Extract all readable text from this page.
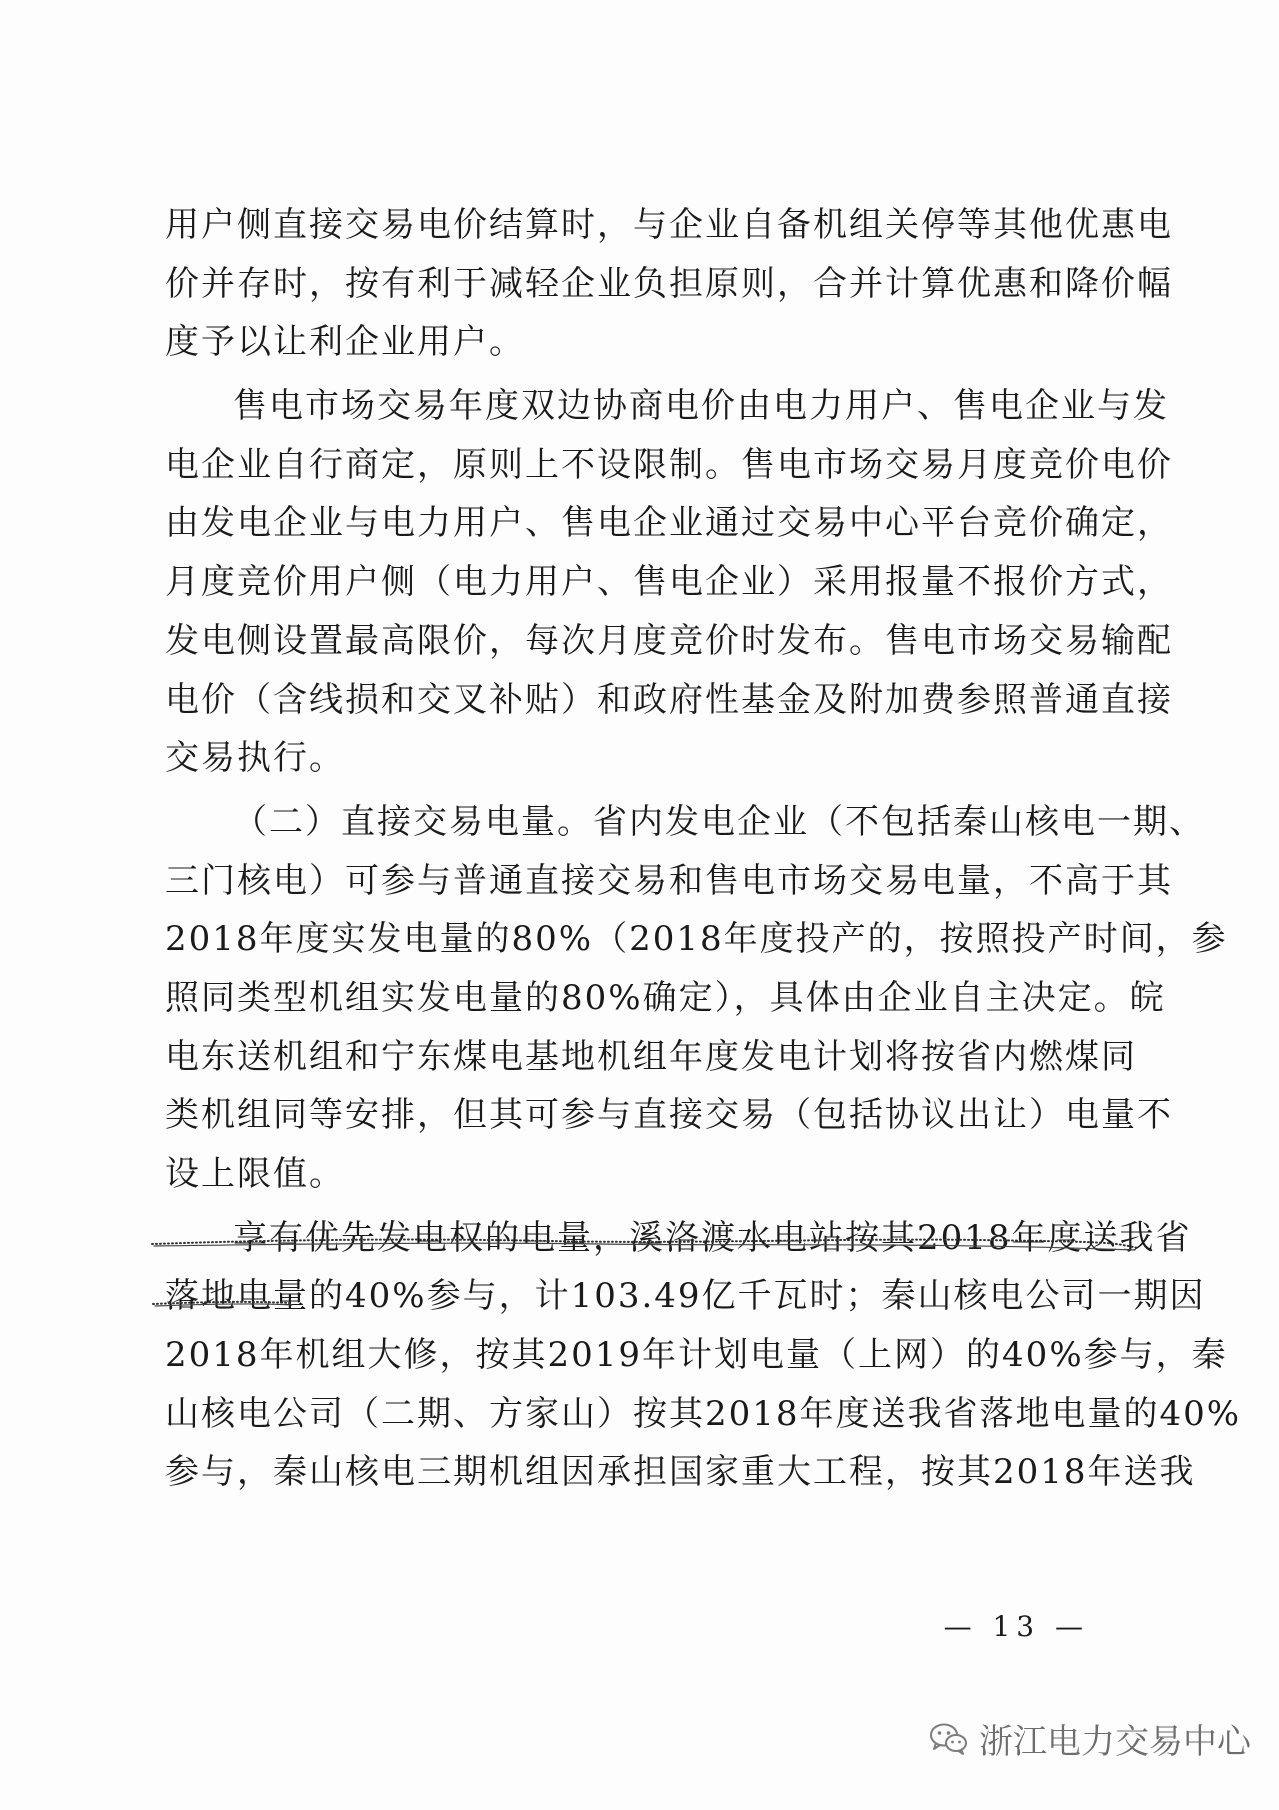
用户侧直接交易电价结算时，与企业自备机组关停等其他优惠电
价并存时，按有利于减轻企业负担原则，合并计算优惠和降价幅
度予以让利企业用户。
售电市场交易年度双边协商电价由电力用户、售电企业与发
电企业自行商定，原则上不设限制。售电市场交易月度竞价电价
由发电企业与电力用户、售电企业通过交易中心平台竞价确定，
月度竞价用户侧（电力用户、售电企业）采用报量不报价方式，
发电侧设置最高限价，每次月度竞价时发布。售电市场交易输配
电价（含线损和交叉补贴）和政府性基金及附加费参照普通直接
交易执行。
（二）直接交易电量。省内发电企业（不包括秦山核电一期、
三门核电）可参与普通直接交易和售电市场交易电量，不高于其
2018年度实发电量的80%（2018年度投产的，按照投产时间，参
照同类型机组实发电量的80%确定），具体由企业自主决定。皖
电东送机组和宁东煤电基地机组年度发电计划将按省内燃煤同
类机组同等安排，但其可参与直接交易（包括协议出让）电量不
设上限值。
享有优先发电权的电量，溪洛渡水电站按其2018年度送我省
落地电量的40%参与，计103.49亿千瓦时；秦山核电公司一期因
2018年机组大修，按其2019年计划电量（上网）的40%参与，秦
山核电公司（二期、方家山）按其2018年度送我省落地电量的40%
参与，秦山核电三期机组因承担国家重大工程，按其2018年送我
— 13 —
浙江电力交易中心
